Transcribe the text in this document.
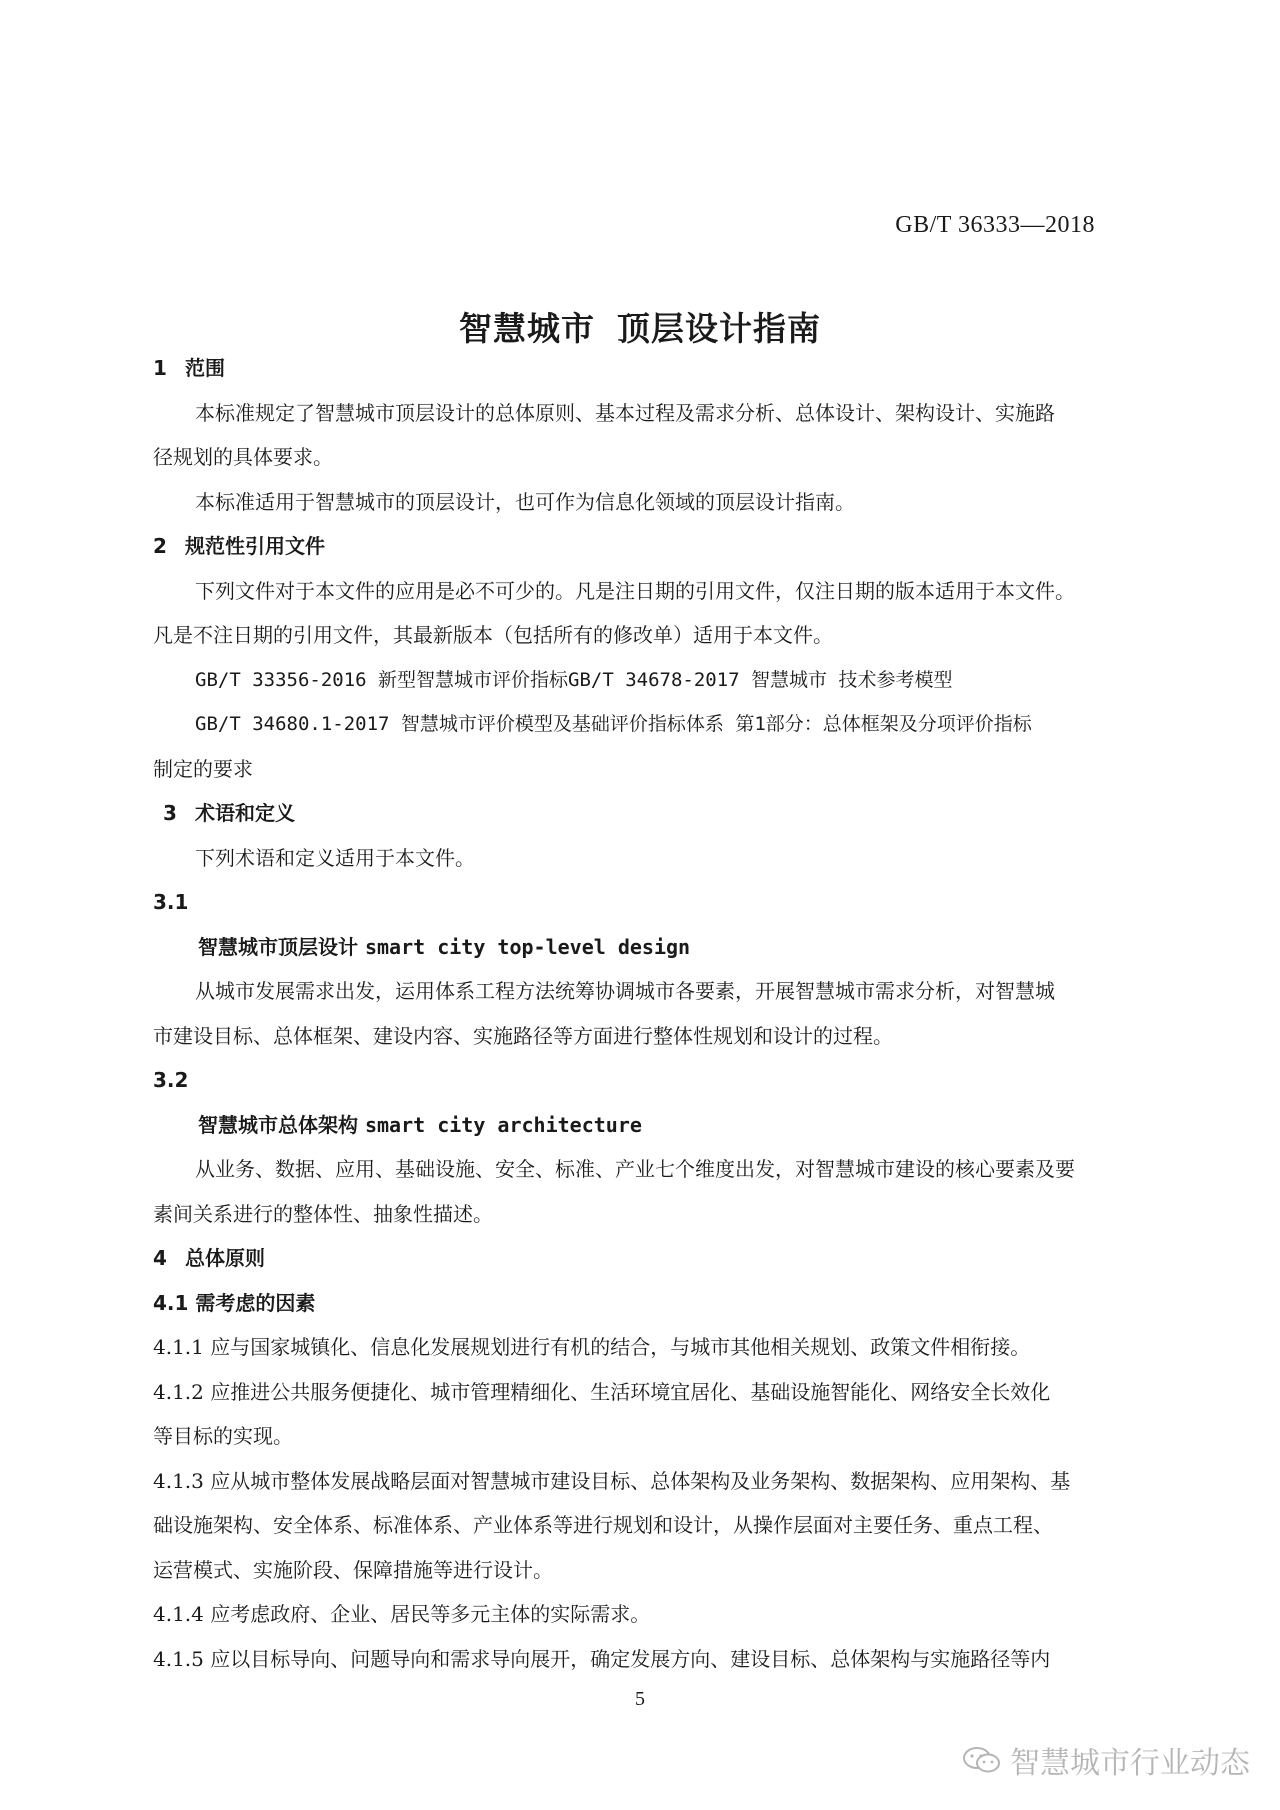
GB/T 36333—2018
智慧城市 顶层设计指南
1 范围
本标准规定了智慧城市顶层设计的总体原则、基本过程及需求分析、总体设计、架构设计、实施路
径规划的具体要求。
本标准适用于智慧城市的顶层设计，也可作为信息化领域的顶层设计指南。
2 规范性引用文件
下列文件对于本文件的应用是必不可少的。凡是注日期的引用文件，仅注日期的版本适用于本文件。
凡是不注日期的引用文件，其最新版本（包括所有的修改单）适用于本文件。
GB/T 33356-2016 新型智慧城市评价指标GB/T 34678-2017 智慧城市 技术参考模型
GB/T 34680.1-2017 智慧城市评价模型及基础评价指标体系 第1部分：总体框架及分项评价指标
制定的要求
3 术语和定义
下列术语和定义适用于本文件。
3.1
智慧城市顶层设计 smart city top-level design
从城市发展需求出发，运用体系工程方法统筹协调城市各要素，开展智慧城市需求分析，对智慧城
市建设目标、总体框架、建设内容、实施路径等方面进行整体性规划和设计的过程。
3.2
智慧城市总体架构 smart city architecture
从业务、数据、应用、基础设施、安全、标准、产业七个维度出发，对智慧城市建设的核心要素及要
素间关系进行的整体性、抽象性描述。
4 总体原则
4.1 需考虑的因素
4.1.1 应与国家城镇化、信息化发展规划进行有机的结合，与城市其他相关规划、政策文件相衔接。
4.1.2 应推进公共服务便捷化、城市管理精细化、生活环境宜居化、基础设施智能化、网络安全长效化
等目标的实现。
4.1.3 应从城市整体发展战略层面对智慧城市建设目标、总体架构及业务架构、数据架构、应用架构、基
础设施架构、安全体系、标准体系、产业体系等进行规划和设计，从操作层面对主要任务、重点工程、
运营模式、实施阶段、保障措施等进行设计。
4.1.4 应考虑政府、企业、居民等多元主体的实际需求。
4.1.5 应以目标导向、问题导向和需求导向展开，确定发展方向、建设目标、总体架构与实施路径等内
5
智慧城市行业动态
